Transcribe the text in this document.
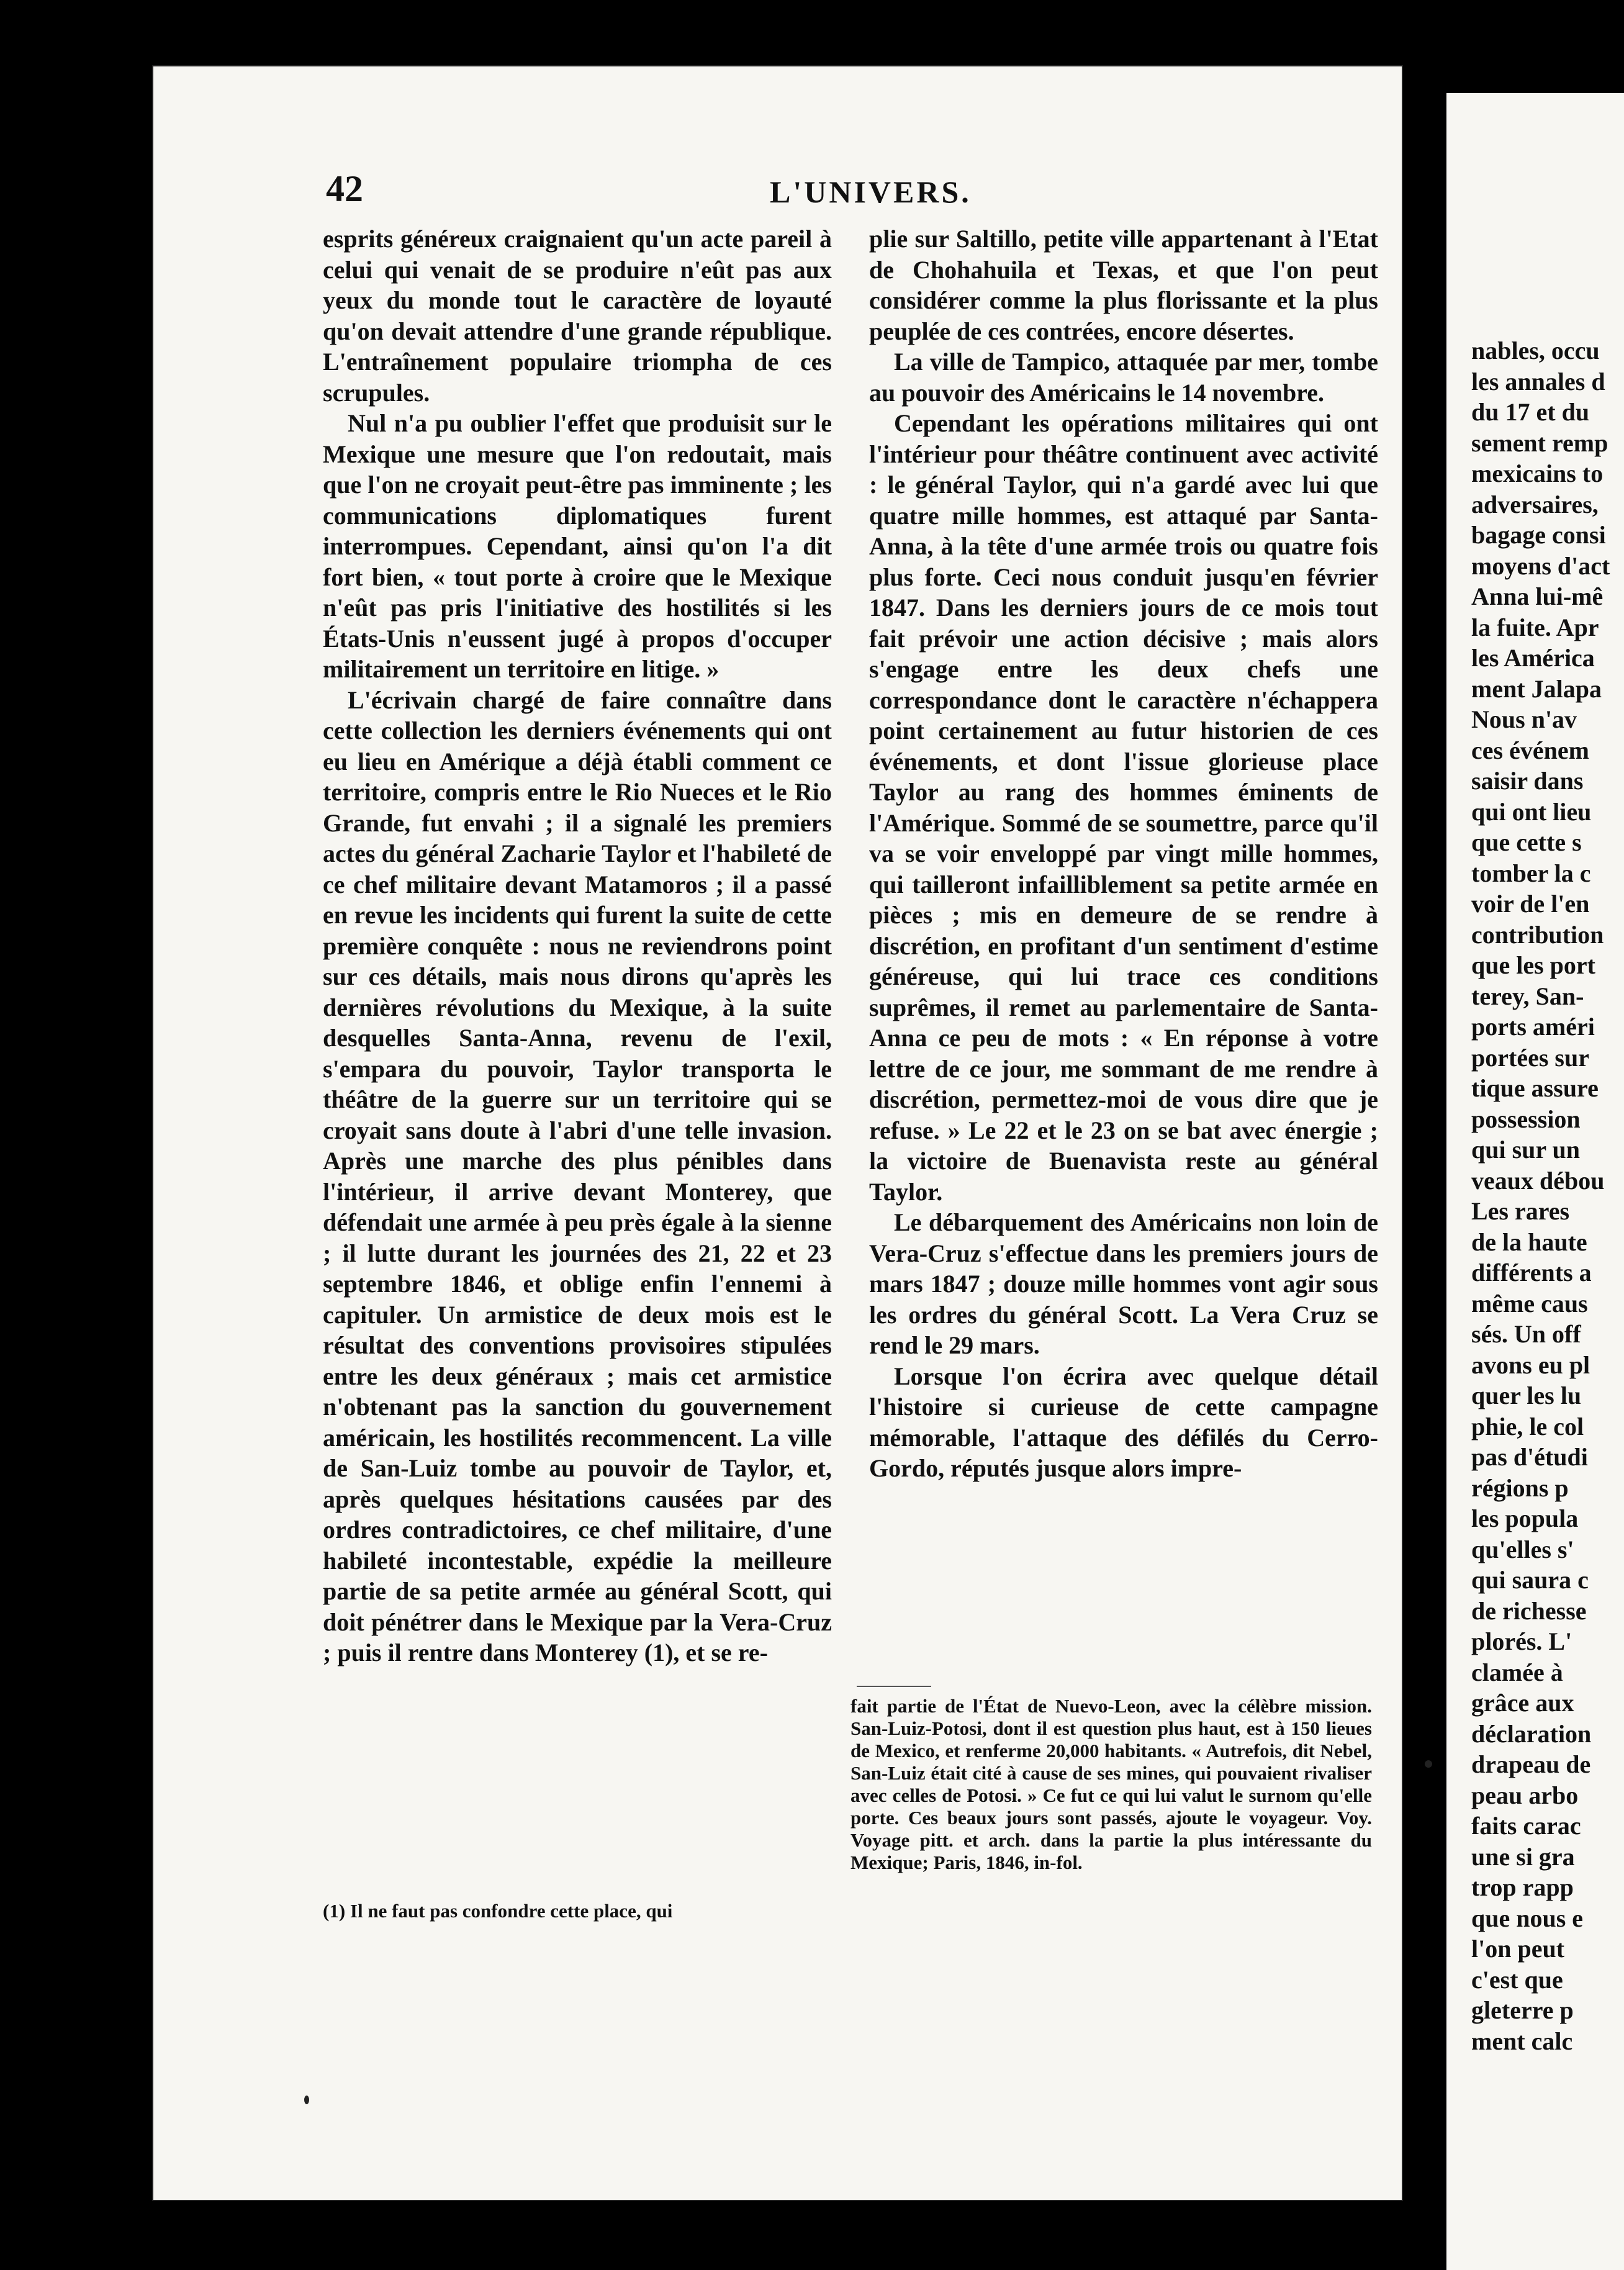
42	L'UNIVERS.

esprits généreux craignaient qu'un acte pareil à celui qui venait de se produire n'eût pas aux yeux du monde tout le caractère de loyauté qu'on devait attendre d'une grande république. L'entraînement populaire triompha de ces scrupules.

Nul n'a pu oublier l'effet que produisit sur le Mexique une mesure que l'on redoutait, mais que l'on ne croyait peut-être pas imminente ; les communications diplomatiques furent interrompues. Cependant, ainsi qu'on l'a dit fort bien, « tout porte à croire que le Mexique n'eût pas pris l'initiative des hostilités si les États-Unis n'eussent jugé à propos d'occuper militairement un territoire en litige. »

L'écrivain chargé de faire connaître dans cette collection les derniers événements qui ont eu lieu en Amérique a déjà établi comment ce territoire, compris entre le Rio Nueces et le Rio Grande, fut envahi ; il a signalé les premiers actes du général Zacharie Taylor et l'habileté de ce chef militaire devant Matamoros ; il a passé en revue les incidents qui furent la suite de cette première conquête : nous ne reviendrons point sur ces détails, mais nous dirons qu'après les dernières révolutions du Mexique, à la suite desquelles Santa-Anna, revenu de l'exil, s'empara du pouvoir, Taylor transporta le théâtre de la guerre sur un territoire qui se croyait sans doute à l'abri d'une telle invasion. Après une marche des plus pénibles dans l'intérieur, il arrive devant Monterey, que défendait une armée à peu près égale à la sienne ; il lutte durant les journées des 21, 22 et 23 septembre 1846, et oblige enfin l'ennemi à capituler. Un armistice de deux mois est le résultat des conventions provisoires stipulées entre les deux généraux ; mais cet armistice n'obtenant pas la sanction du gouvernement américain, les hostilités recommencent. La ville de San-Luiz tombe au pouvoir de Taylor, et, après quelques hésitations causées par des ordres contradictoires, ce chef militaire, d'une habileté incontestable, expédie la meilleure partie de sa petite armée au général Scott, qui doit pénétrer dans le Mexique par la Vera-Cruz ; puis il rentre dans Monterey (1), et se re-

(1) Il ne faut pas confondre cette place, qui

plie sur Saltillo, petite ville appartenant à l'Etat de Chohahuila et Texas, et que l'on peut considérer comme la plus florissante et la plus peuplée de ces contrées, encore désertes.

La ville de Tampico, attaquée par mer, tombe au pouvoir des Américains le 14 novembre.

Cependant les opérations militaires qui ont l'intérieur pour théâtre continuent avec activité : le général Taylor, qui n'a gardé avec lui que quatre mille hommes, est attaqué par Santa-Anna, à la tête d'une armée trois ou quatre fois plus forte. Ceci nous conduit jusqu'en février 1847. Dans les derniers jours de ce mois tout fait prévoir une action décisive ; mais alors s'engage entre les deux chefs une correspondance dont le caractère n'échappera point certainement au futur historien de ces événements, et dont l'issue glorieuse place Taylor au rang des hommes éminents de l'Amérique. Sommé de se soumettre, parce qu'il va se voir enveloppé par vingt mille hommes, qui tailleront infailliblement sa petite armée en pièces ; mis en demeure de se rendre à discrétion, en profitant d'un sentiment d'estime généreuse, qui lui trace ces conditions suprêmes, il remet au parlementaire de Santa-Anna ce peu de mots : « En réponse à votre lettre de ce jour, me sommant de me rendre à discrétion, permettez-moi de vous dire que je refuse. » Le 22 et le 23 on se bat avec énergie ; la victoire de Buenavista reste au général Taylor.

Le débarquement des Américains non loin de Vera-Cruz s'effectue dans les premiers jours de mars 1847 ; douze mille hommes vont agir sous les ordres du général Scott. La Vera Cruz se rend le 29 mars.

Lorsque l'on écrira avec quelque détail l'histoire si curieuse de cette campagne mémorable, l'attaque des défilés du Cerro-Gordo, réputés jusque alors impre-

fait partie de l'État de Nuevo-Leon, avec la célèbre mission. San-Luiz-Potosi, dont il est question plus haut, est à 150 lieues de Mexico, et renferme 20,000 habitants. « Autrefois, dit Nebel, San-Luiz était cité à cause de ses mines, qui pouvaient rivaliser avec celles de Potosi. » Ce fut ce qui lui valut le surnom qu'elle porte. Ces beaux jours sont passés, ajoute le voyageur. Voy. Voyage pitt. et arch. dans la partie la plus intéressante du Mexique; Paris, 1846, in-fol.
nables, occu
les annales d
du 17 et du
sement remp
mexicains to
adversaires,
bagage consi
moyens d'act
Anna lui-mê
la fuite. Apr
les América
ment Jalapa
Nous n'av
ces événem
saisir dans
qui ont lieu
que cette s
tomber la c
voir de l'en
contribution
que les port
terey, San-
ports améri
portées sur
tique assure
possession
qui sur un
veaux débou
Les rares
de la haute
différents a
même caus
sés. Un off
avons eu pl
quer les lu
phie, le col
pas d'étudi
régions p
les popula
qu'elles s'
qui saura c
de richesse
plorés. L'
clamée à
grâce aux
déclaration
drapeau de
peau arbo
faits carac
une si gra
trop rapp
que nous e
l'on peut
c'est que
gleterre p
ment calc
